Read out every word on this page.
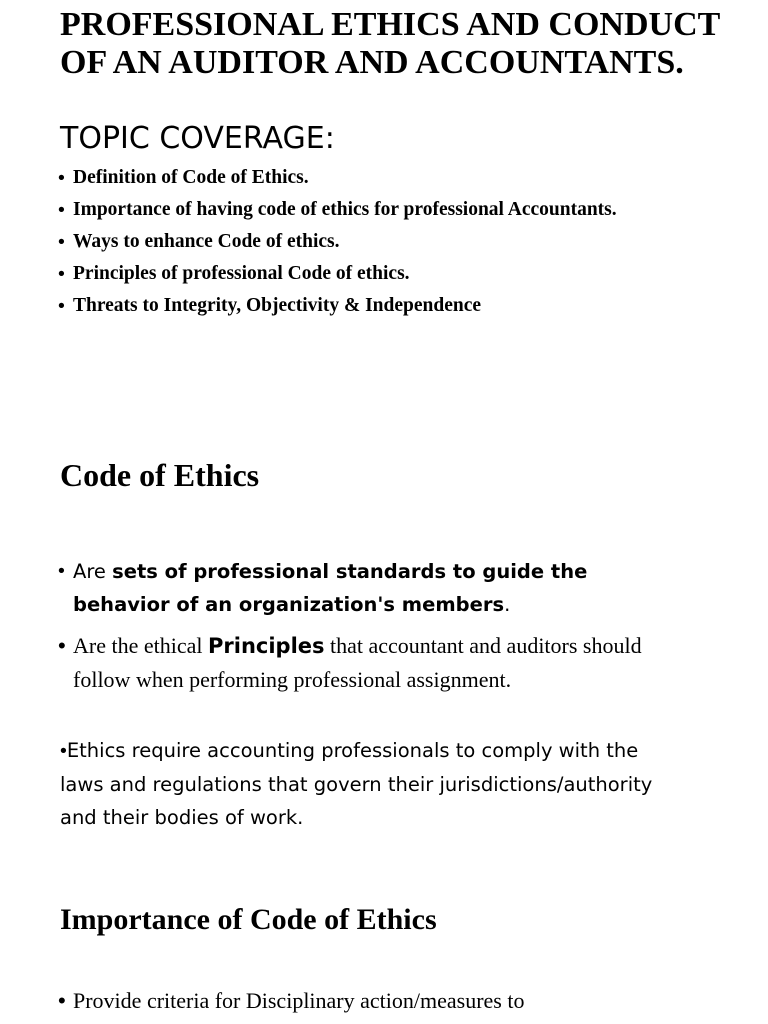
PROFESSIONAL ETHICS AND CONDUCT OF AN AUDITOR AND ACCOUNTANTS.
TOPIC COVERAGE:
• Definition of Code of Ethics.
• Importance of having code of ethics for professional Accountants.
• Ways to enhance Code of ethics.
• Principles of professional Code of ethics.
• Threats to Integrity, Objectivity & Independence
Code of Ethics
• Are sets of professional standards to guide the behavior of an organization's members.
• Are the ethical Principles that accountant and auditors should follow when performing professional assignment.

•Ethics require accounting professionals to comply with the laws and regulations that govern their jurisdictions/authority and their bodies of work.

Importance of Code of Ethics
• Provide criteria for Disciplinary action/measures to
